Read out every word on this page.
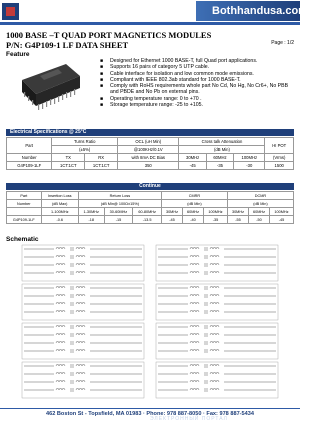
Bothhandusa.com
1000 BASE –T QUAD PORT MAGNETICS MODULES
P/N: G4P109-1 LF DATA SHEET	Page : 1/2
Feature
■ Designed for Ethernet 1000 BASE-T, full Quad port applications.
■ Supports 16 pairs of category 5 UTP cable.
■ Cable interface for isolation and low common mode emissions.
■ Compliant with IEEE 802.3ab standard for 1000 BASE-T.
■ Comply with RoHS requirements whole part No Cd, No Hg, No Cr6+, No PBB and PBDE and No Pb on external pins.
■ Operating temperature range: 0 to +70 .
■ Storage temperature range: -25 to +105.
Electrical Specifications @ 25°C
Part	Turns Ratio		OCL (uH Min)	Cross talk Attenuation			HI POT
	(±5%)		@100KHz/0.1V	(dB Min)			
Number	TX	RX	with 8mA DC Bias	30MHz	60MHz	100MHz	(Vrms)
G4P109-1LF	1CT:1CT	1CT:1CT	350	-45	-35	-30	1500
Continue
Part	Insertion Loss	Return Loss			CMRR			DCMR		
Number	(dB Max)	(dB Min@ 100Ω±15%)			(dB Min)			(dB Min)		
	1-100MHz	1-30MHz	30-60MHz	60-80MHz	30MHz	60MHz	100MHz	30MHz	60MHz	100MHz
G4P109-1LF	-0.6	-18	-15	-13.5	-45	-40	-35	-55	-50	-45
Schematic
462 Boston St - Topsfield, MA 01983 · Phone: 978 887-8050 · Fax: 978 887-5434
ЭЛЕКТРОННЫЙ ПОРТАЛ
